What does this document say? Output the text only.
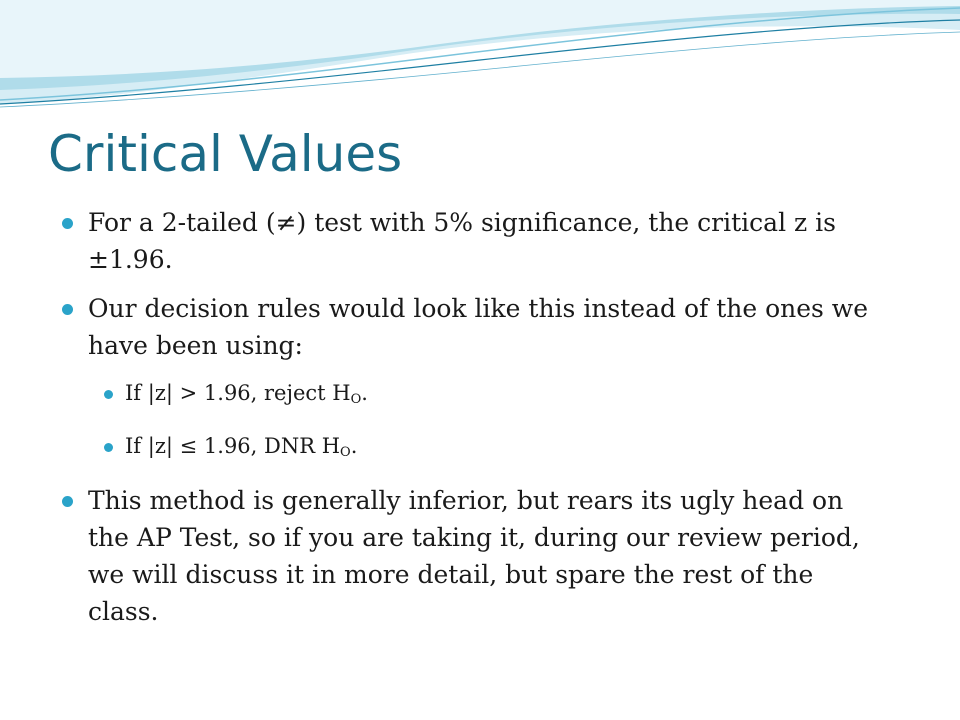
Critical Values

For a 2-tailed (≠) test with 5% significance, the critical z is ±1.96.

Our decision rules would look like this instead of the ones we have been using:

If |z| > 1.96, reject $H_O$.

If |z| ≤ 1.96, DNR $H_O$.

This method is generally inferior, but rears its ugly head on the AP Test, so if you are taking it, during our review period, we will discuss it in more detail, but spare the rest of the class.
